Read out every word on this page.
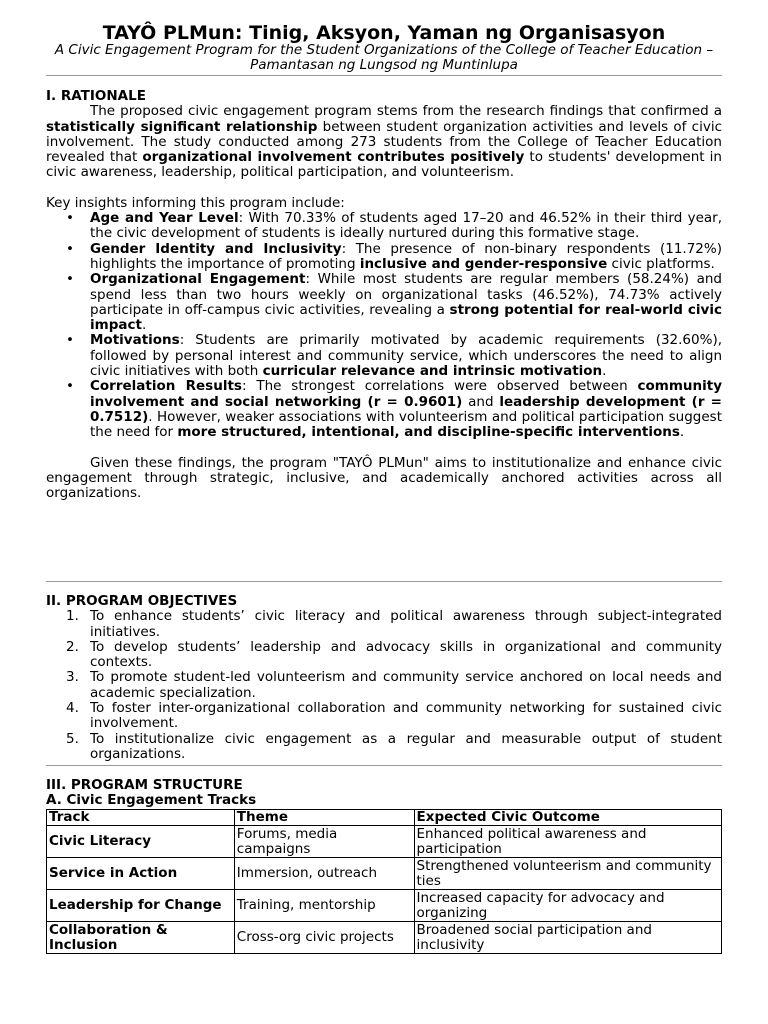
TAYÔ PLMun: Tinig, Aksyon, Yaman ng Organisasyon
A Civic Engagement Program for the Student Organizations of the College of Teacher Education – Pamantasan ng Lungsod ng Muntinlupa
I. RATIONALE
The proposed civic engagement program stems from the research findings that confirmed a statistically significant relationship between student organization activities and levels of civic involvement. The study conducted among 273 students from the College of Teacher Education revealed that organizational involvement contributes positively to students' development in civic awareness, leadership, political participation, and volunteerism.
Key insights informing this program include:
• Age and Year Level: With 70.33% of students aged 17–20 and 46.52% in their third year, the civic development of students is ideally nurtured during this formative stage.
• Gender Identity and Inclusivity: The presence of non-binary respondents (11.72%) highlights the importance of promoting inclusive and gender-responsive civic platforms.
• Organizational Engagement: While most students are regular members (58.24%) and spend less than two hours weekly on organizational tasks (46.52%), 74.73% actively participate in off-campus civic activities, revealing a strong potential for real-world civic impact.
• Motivations: Students are primarily motivated by academic requirements (32.60%), followed by personal interest and community service, which underscores the need to align civic initiatives with both curricular relevance and intrinsic motivation.
• Correlation Results: The strongest correlations were observed between community involvement and social networking (r = 0.9601) and leadership development (r = 0.7512). However, weaker associations with volunteerism and political participation suggest the need for more structured, intentional, and discipline-specific interventions.
Given these findings, the program "TAYÔ PLMun" aims to institutionalize and enhance civic engagement through strategic, inclusive, and academically anchored activities across all organizations.
II. PROGRAM OBJECTIVES
1. To enhance students’ civic literacy and political awareness through subject-integrated initiatives.
2. To develop students’ leadership and advocacy skills in organizational and community contexts.
3. To promote student-led volunteerism and community service anchored on local needs and academic specialization.
4. To foster inter-organizational collaboration and community networking for sustained civic involvement.
5. To institutionalize civic engagement as a regular and measurable output of student organizations.
III. PROGRAM STRUCTURE
A. Civic Engagement Tracks
Track	Theme	Expected Civic Outcome
Civic Literacy	Forums, media campaigns	Enhanced political awareness and participation
Service in Action	Immersion, outreach	Strengthened volunteerism and community ties
Leadership for Change	Training, mentorship	Increased capacity for advocacy and organizing
Collaboration & Inclusion	Cross-org civic projects	Broadened social participation and inclusivity
